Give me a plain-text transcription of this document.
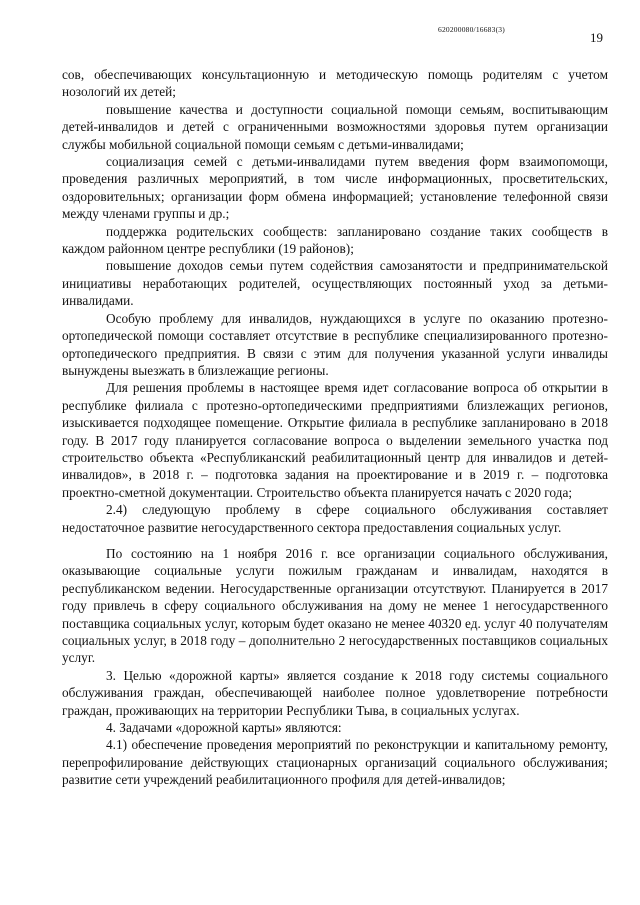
620200080/16683(3)
19

сов, обеспечивающих консультационную и методическую помощь родителям с учетом нозологий их детей;

повышение качества и доступности социальной помощи семьям, воспитывающим детей-инвалидов и детей с ограниченными возможностями здоровья путем организации службы мобильной социальной помощи семьям с детьми-инвалидами;

социализация семей с детьми-инвалидами путем введения форм взаимопомощи, проведения различных мероприятий, в том числе информационных, просветительских, оздоровительных; организации форм обмена информацией; установление телефонной связи между членами группы и др.;

поддержка родительских сообществ: запланировано создание таких сообществ в каждом районном центре республики (19 районов);

повышение доходов семьи путем содействия самозанятости и предпринимательской инициативы неработающих родителей, осуществляющих постоянный уход за детьми-инвалидами.

Особую проблему для инвалидов, нуждающихся в услуге по оказанию протезно-ортопедической помощи составляет отсутствие в республике специализированного протезно-ортопедического предприятия. В связи с этим для получения указанной услуги инвалиды вынуждены выезжать в близлежащие регионы.

Для решения проблемы в настоящее время идет согласование вопроса об открытии в республике филиала с протезно-ортопедическими предприятиями близлежащих регионов, изыскивается подходящее помещение. Открытие филиала в республике запланировано в 2018 году. В 2017 году планируется согласование вопроса о выделении земельного участка под строительство объекта «Республиканский реабилитационный центр для инвалидов и детей-инвалидов», в 2018 г. – подготовка задания на проектирование и в 2019 г. – подготовка проектно-сметной документации. Строительство объекта планируется начать с 2020 года;

2.4) следующую проблему в сфере социального обслуживания составляет недостаточное развитие негосударственного сектора предоставления социальных услуг.

По состоянию на 1 ноября 2016 г. все организации социального обслуживания, оказывающие социальные услуги пожилым гражданам и инвалидам, находятся в республиканском ведении. Негосударственные организации отсутствуют. Планируется в 2017 году привлечь в сферу социального обслуживания на дому не менее 1 негосударственного поставщика социальных услуг, которым будет оказано не менее 40320 ед. услуг 40 получателям социальных услуг, в 2018 году – дополнительно 2 негосударственных поставщиков социальных услуг.

3. Целью «дорожной карты» является создание к 2018 году системы социального обслуживания граждан, обеспечивающей наиболее полное удовлетворение потребности граждан, проживающих на территории Республики Тыва, в социальных услугах.

4. Задачами «дорожной карты» являются:

4.1) обеспечение проведения мероприятий по реконструкции и капитальному ремонту, перепрофилирование действующих стационарных организаций социального обслуживания; развитие сети учреждений реабилитационного профиля для детей-инвалидов;
